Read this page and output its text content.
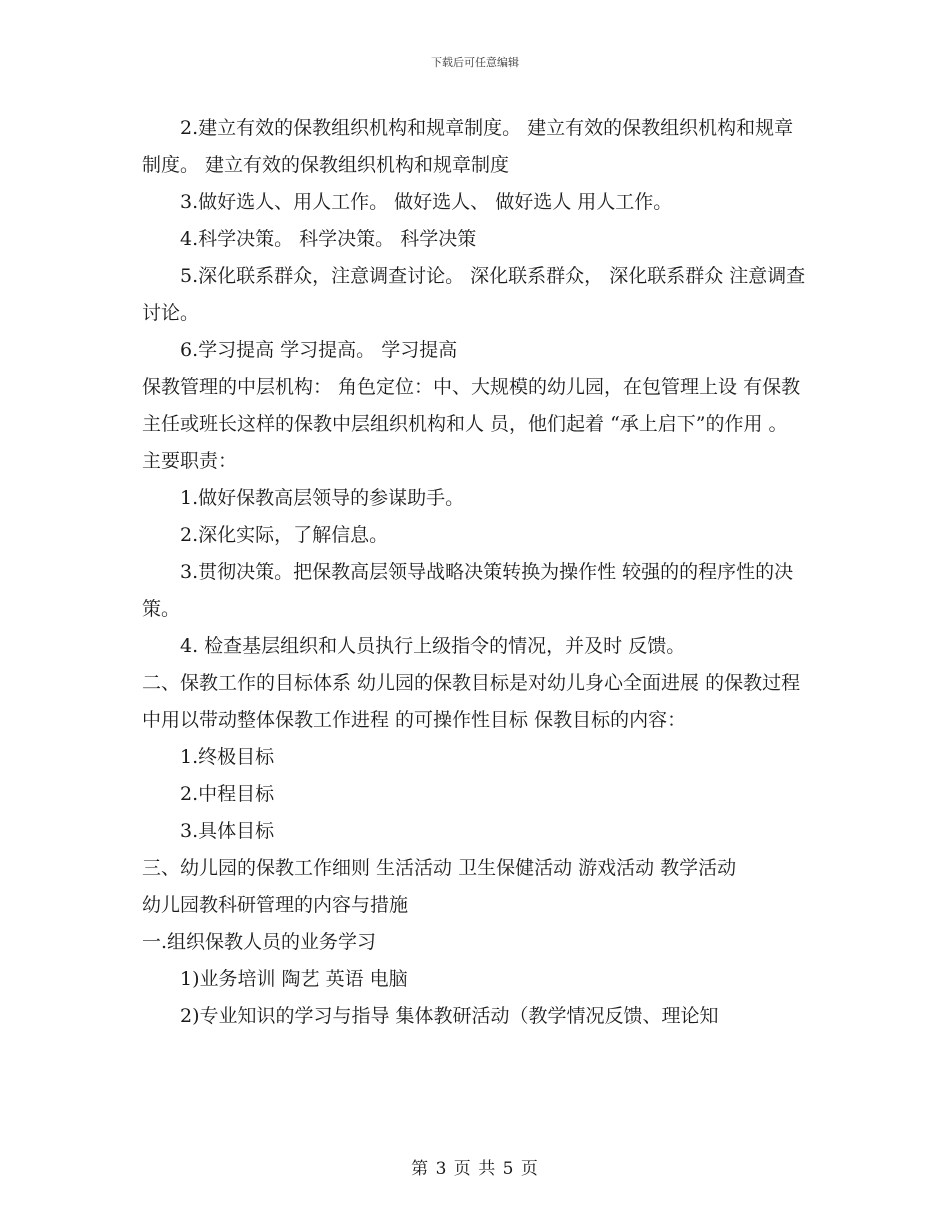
下载后可任意编辑

2.建立有效的保教组织机构和规章制度。 建立有效的保教组织机构和规章制度。 建立有效的保教组织机构和规章制度

3.做好选人、用人工作。 做好选人、 做好选人 用人工作。

4.科学决策。 科学决策。 科学决策

5.深化联系群众，注意调查讨论。 深化联系群众， 深化联系群众 注意调查讨论。

6.学习提高 学习提高。 学习提高

保教管理的中层机构： 角色定位：中、大规模的幼儿园，在包管理上设 有保教主任或班长这样的保教中层组织机构和人 员，他们起着 “承上启下”的作用 。 主要职责：

1.做好保教高层领导的参谋助手。

2.深化实际，了解信息。

3.贯彻决策。把保教高层领导战略决策转换为操作性 较强的的程序性的决策。

4. 检查基层组织和人员执行上级指令的情况，并及时 反馈。

二、保教工作的目标体系 幼儿园的保教目标是对幼儿身心全面进展 的保教过程中用以带动整体保教工作进程 的可操作性目标 保教目标的内容：

1.终极目标

2.中程目标

3.具体目标

三、幼儿园的保教工作细则 生活活动 卫生保健活动 游戏活动 教学活动

幼儿园教科研管理的内容与措施

一.组织保教人员的业务学习

1)业务培训 陶艺 英语 电脑

2)专业知识的学习与指导 集体教研活动（教学情况反馈、理论知

第 3 页 共 5 页
